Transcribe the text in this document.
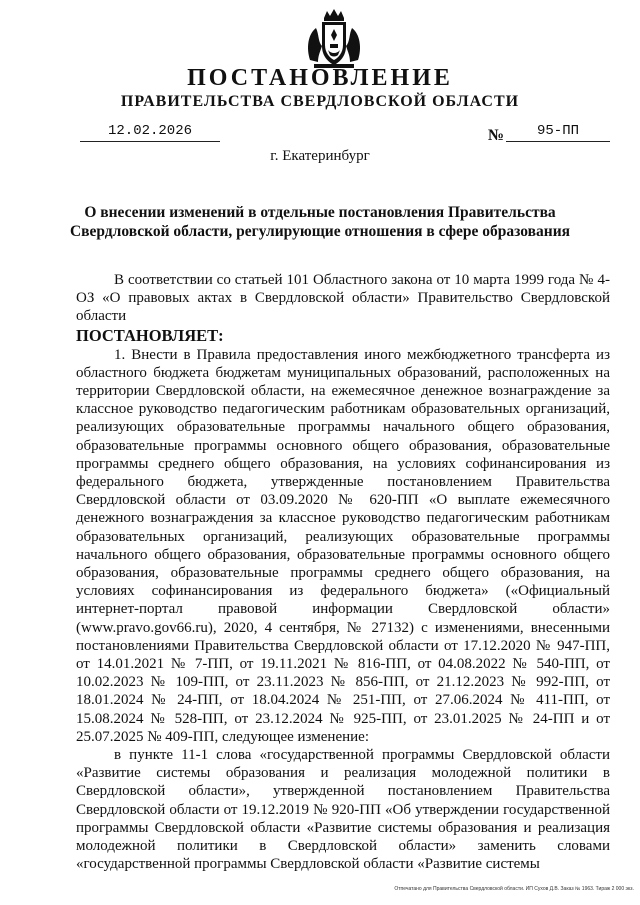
ПОСТАНОВЛЕНИЕ
ПРАВИТЕЛЬСТВА СВЕРДЛОВСКОЙ ОБЛАСТИ
12.02.2026	№	95-ПП
г. Екатеринбург
О внесении изменений в отдельные постановления Правительства Свердловской области, регулирующие отношения в сфере образования

В соответствии со статьей 101 Областного закона от 10 марта 1999 года № 4-ОЗ «О правовых актах в Свердловской области» Правительство Свердловской области

ПОСТАНОВЛЯЕТ:

1. Внести в Правила предоставления иного межбюджетного трансферта из областного бюджета бюджетам муниципальных образований, расположенных на территории Свердловской области, на ежемесячное денежное вознаграждение за классное руководство педагогическим работникам образовательных организаций, реализующих образовательные программы начального общего образования, образовательные программы основного общего образования, образовательные программы среднего общего образования, на условиях софинансирования из федерального бюджета, утвержденные постановлением Правительства Свердловской области от 03.09.2020 № 620-ПП «О выплате ежемесячного денежного вознаграждения за классное руководство педагогическим работникам образовательных организаций, реализующих образовательные программы начального общего образования, образовательные программы основного общего образования, образовательные программы среднего общего образования, на условиях софинансирования из федерального бюджета» («Официальный интернет-портал правовой информации Свердловской области» (www.pravo.gov66.ru), 2020, 4 сентября, № 27132) с изменениями, внесенными постановлениями Правительства Свердловской области от 17.12.2020 № 947-ПП, от 14.01.2021 № 7-ПП, от 19.11.2021 № 816-ПП, от 04.08.2022 № 540-ПП, от 10.02.2023 № 109-ПП, от 23.11.2023 № 856-ПП, от 21.12.2023 № 992-ПП, от 18.01.2024 № 24-ПП, от 18.04.2024 № 251-ПП, от 27.06.2024 № 411-ПП, от 15.08.2024 № 528-ПП, от 23.12.2024 № 925-ПП, от 23.01.2025 № 24-ПП и от 25.07.2025 № 409-ПП, следующее изменение:

в пункте 11-1 слова «государственной программы Свердловской области «Развитие системы образования и реализация молодежной политики в Свердловской области», утвержденной постановлением Правительства Свердловской области от 19.12.2019 № 920-ПП «Об утверждении государственной программы Свердловской области «Развитие системы образования и реализация молодежной политики в Свердловской области» заменить словами «государственной программы Свердловской области «Развитие системы

Отпечатано для Правительства Свердловской области. ИП Сухов Д.В. Заказ № 1963. Тираж 2 000 экз.
